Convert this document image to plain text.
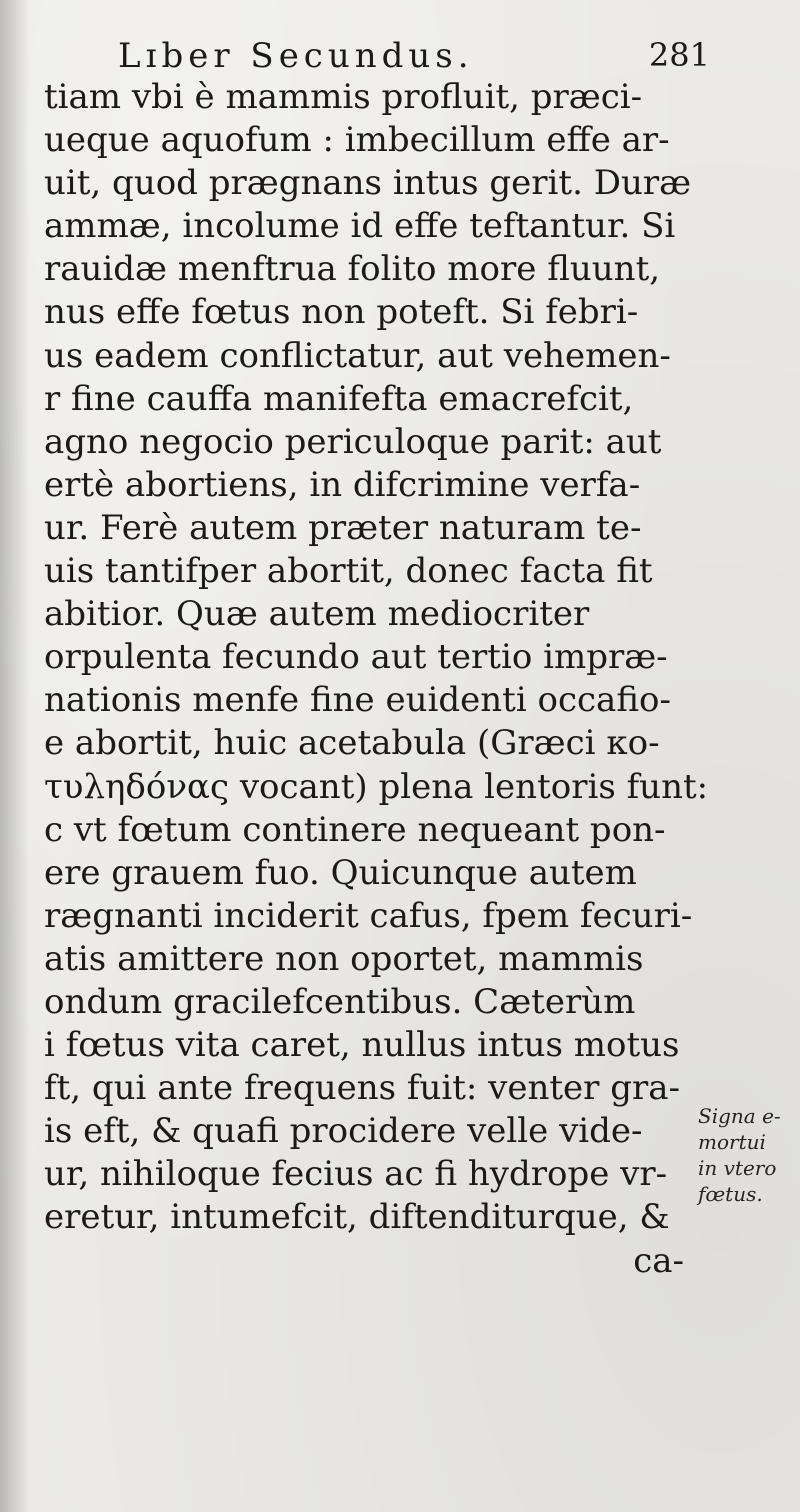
Lɪber Secundus.	281
tiam vbi è mammis profluit, præci-
ueque aquofum : imbecillum effe ar-
uit, quod prægnans intus gerit. Duræ
ammæ, incolume id effe teftantur. Si
rauidæ menftrua folito more fluunt,
nus effe fœtus non poteft. Si febri-
us eadem conflictatur, aut vehemen-
r fine cauffa manifefta emacrefcit,
agno negocio periculoque parit: aut
ertè abortiens, in difcrimine verfa-
ur. Ferè autem præter naturam te-
uis tantifper abortit, donec facta fit
abitior. Quæ autem mediocriter
orpulenta fecundo aut tertio impræ-
nationis menfe fine euidenti occafio-
e abortit, huic acetabula (Græci κο-
τυληδόνας vocant) plena lentoris funt:
c vt fœtum continere nequeant pon-
ere grauem fuo. Quicunque autem
rægnanti inciderit cafus, fpem fecuri-
atis amittere non oportet, mammis
ondum gracilefcentibus. Cæterùm
i fœtus vita caret, nullus intus motus
ft, qui ante frequens fuit: venter gra-
is eft, & quafi procidere velle vide-
ur, nihiloque fecius ac fi hydrope vr-
eretur, intumefcit, diftenditurque, &
ca-
Signa e-
mortui
in vtero
fœtus.
